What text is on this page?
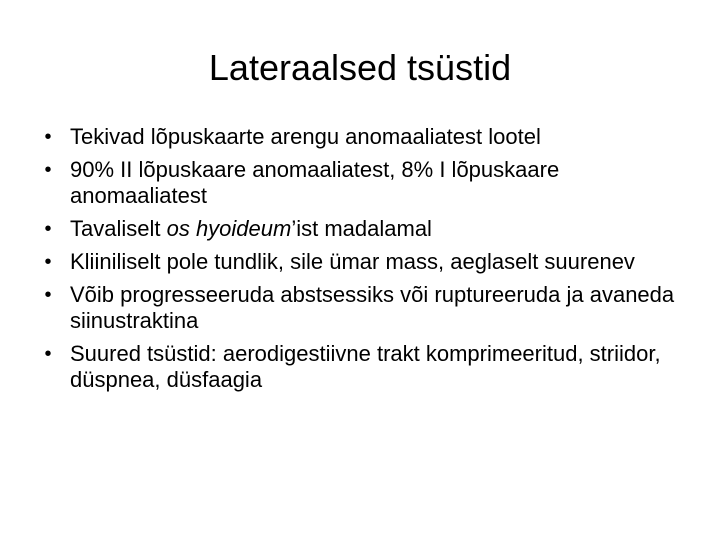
Lateraalsed tsüstid
• Tekivad lõpuskaarte arengu anomaaliatest lootel
• 90% II lõpuskaare anomaaliatest, 8% I lõpuskaare anomaaliatest
• Tavaliselt os hyoideum’ist madalamal
• Kliiniliselt pole tundlik, sile ümar mass, aeglaselt suurenev
• Võib progresseeruda abstsessiks või ruptureeruda ja avaneda siinustraktina
• Suured tsüstid: aerodigestiivne trakt komprimeeritud, striidor, düspnea, düsfaagia
